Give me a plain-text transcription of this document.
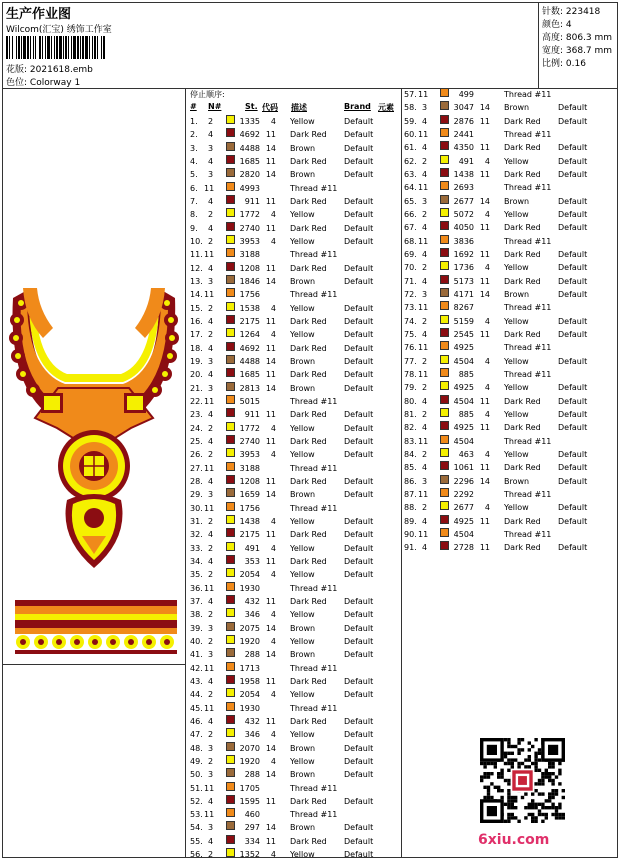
生产作业图
Wilcom(汇宝) 绣饰工作室
花版: 2021618.emb
色位: Colorway 1
针数: 223418
颜色: 4
高度: 806.3 mm
宽度: 368.7 mm
比例: 0.16
停止顺序:
# N#	St. 代码 描述	Brand 元素
1. 2	1335	4 Yellow	Default
2. 4	4692 11 Dark Red Default
3. 3	4488 14 Brown	Default
4. 4	1685 11 Dark Red Default
5. 3	2820 14 Brown	Default
6. 11	4993	Thread #11
7. 4	911 11 Dark Red Default
8. 2	1772	4 Yellow	Default
9. 4	2740 11 Dark Red Default
10. 2	3953	4 Yellow	Default
11. 11	3188	Thread #11
12. 4	1208 11 Dark Red Default
13. 3	1846 14 Brown	Default
14. 11	1756	Thread #11
15. 2	1538	4 Yellow	Default
16. 4	2175 11 Dark Red Default
17. 2	1264	4 Yellow	Default
18. 4	4692 11 Dark Red Default
19. 3	4488 14 Brown	Default
20. 4	1685 11 Dark Red Default
21. 3	2813 14 Brown	Default
22. 11	5015	Thread #11
23. 4	911 11 Dark Red Default
24. 2	1772	4 Yellow	Default
25. 4	2740 11 Dark Red Default
26. 2	3953	4 Yellow	Default
27. 11	3188	Thread #11
28. 4	1208 11 Dark Red Default
29. 3	1659 14 Brown	Default
30. 11	1756	Thread #11
31. 2	1438	4 Yellow	Default
32. 4	2175 11 Dark Red Default
33. 2	491	4 Yellow	Default
34. 4	353 11 Dark Red Default
35. 2	2054	4 Yellow	Default
36. 11	1930	Thread #11
37. 4	432 11 Dark Red Default
38. 2	346	4 Yellow	Default
39. 3	2075 14 Brown	Default
40. 2	1920	4 Yellow	Default
41. 3	288 14 Brown	Default
42. 11	1713	Thread #11
43. 4	1958 11 Dark Red Default
44. 2	2054	4 Yellow	Default
45. 11	1930	Thread #11
46. 4	432 11 Dark Red Default
47. 2	346	4 Yellow	Default
48. 3	2070 14 Brown	Default
49. 2	1920	4 Yellow	Default
50. 3	288 14 Brown	Default
51. 11	1705	Thread #11
52. 4	1595 11 Dark Red Default
53. 11	460	Thread #11
54. 3	297 14 Brown	Default
55. 4	334 11 Dark Red Default
56. 2	1352	4 Yellow	Default
57. 11	499	Thread #11
58. 3	3047 14 Brown	Default
59. 4	2876 11 Dark Red Default
60. 11	2441	Thread #11
61. 4	4350 11 Dark Red Default
62. 2	491	4 Yellow	Default
63. 4	1438 11 Dark Red Default
64. 11	2693	Thread #11
65. 3	2677 14 Brown	Default
66. 2	5072	4 Yellow	Default
67. 4	4050 11 Dark Red Default
68. 11	3836	Thread #11
69. 4	1692 11 Dark Red Default
70. 2	1736	4 Yellow	Default
71. 4	5173 11 Dark Red Default
72. 3	4171 14 Brown	Default
73. 11	8267	Thread #11
74. 2	5159	4 Yellow	Default
75. 4	2545 11 Dark Red Default
76. 11	4925	Thread #11
77. 2	4504	4 Yellow	Default
78. 11	885	Thread #11
79. 2	4925	4 Yellow	Default
80. 4	4504 11 Dark Red Default
81. 2	885	4 Yellow	Default
82. 4	4925 11 Dark Red Default
83. 11	4504	Thread #11
84. 2	463	4 Yellow	Default
85. 4	1061 11 Dark Red Default
86. 3	2296 14 Brown	Default
87. 11	2292	Thread #11
88. 2	2677	4 Yellow	Default
89. 4	4925 11 Dark Red Default
90. 11	4504	Thread #11
91. 4	2728 11 Dark Red Default
6xiu.com
